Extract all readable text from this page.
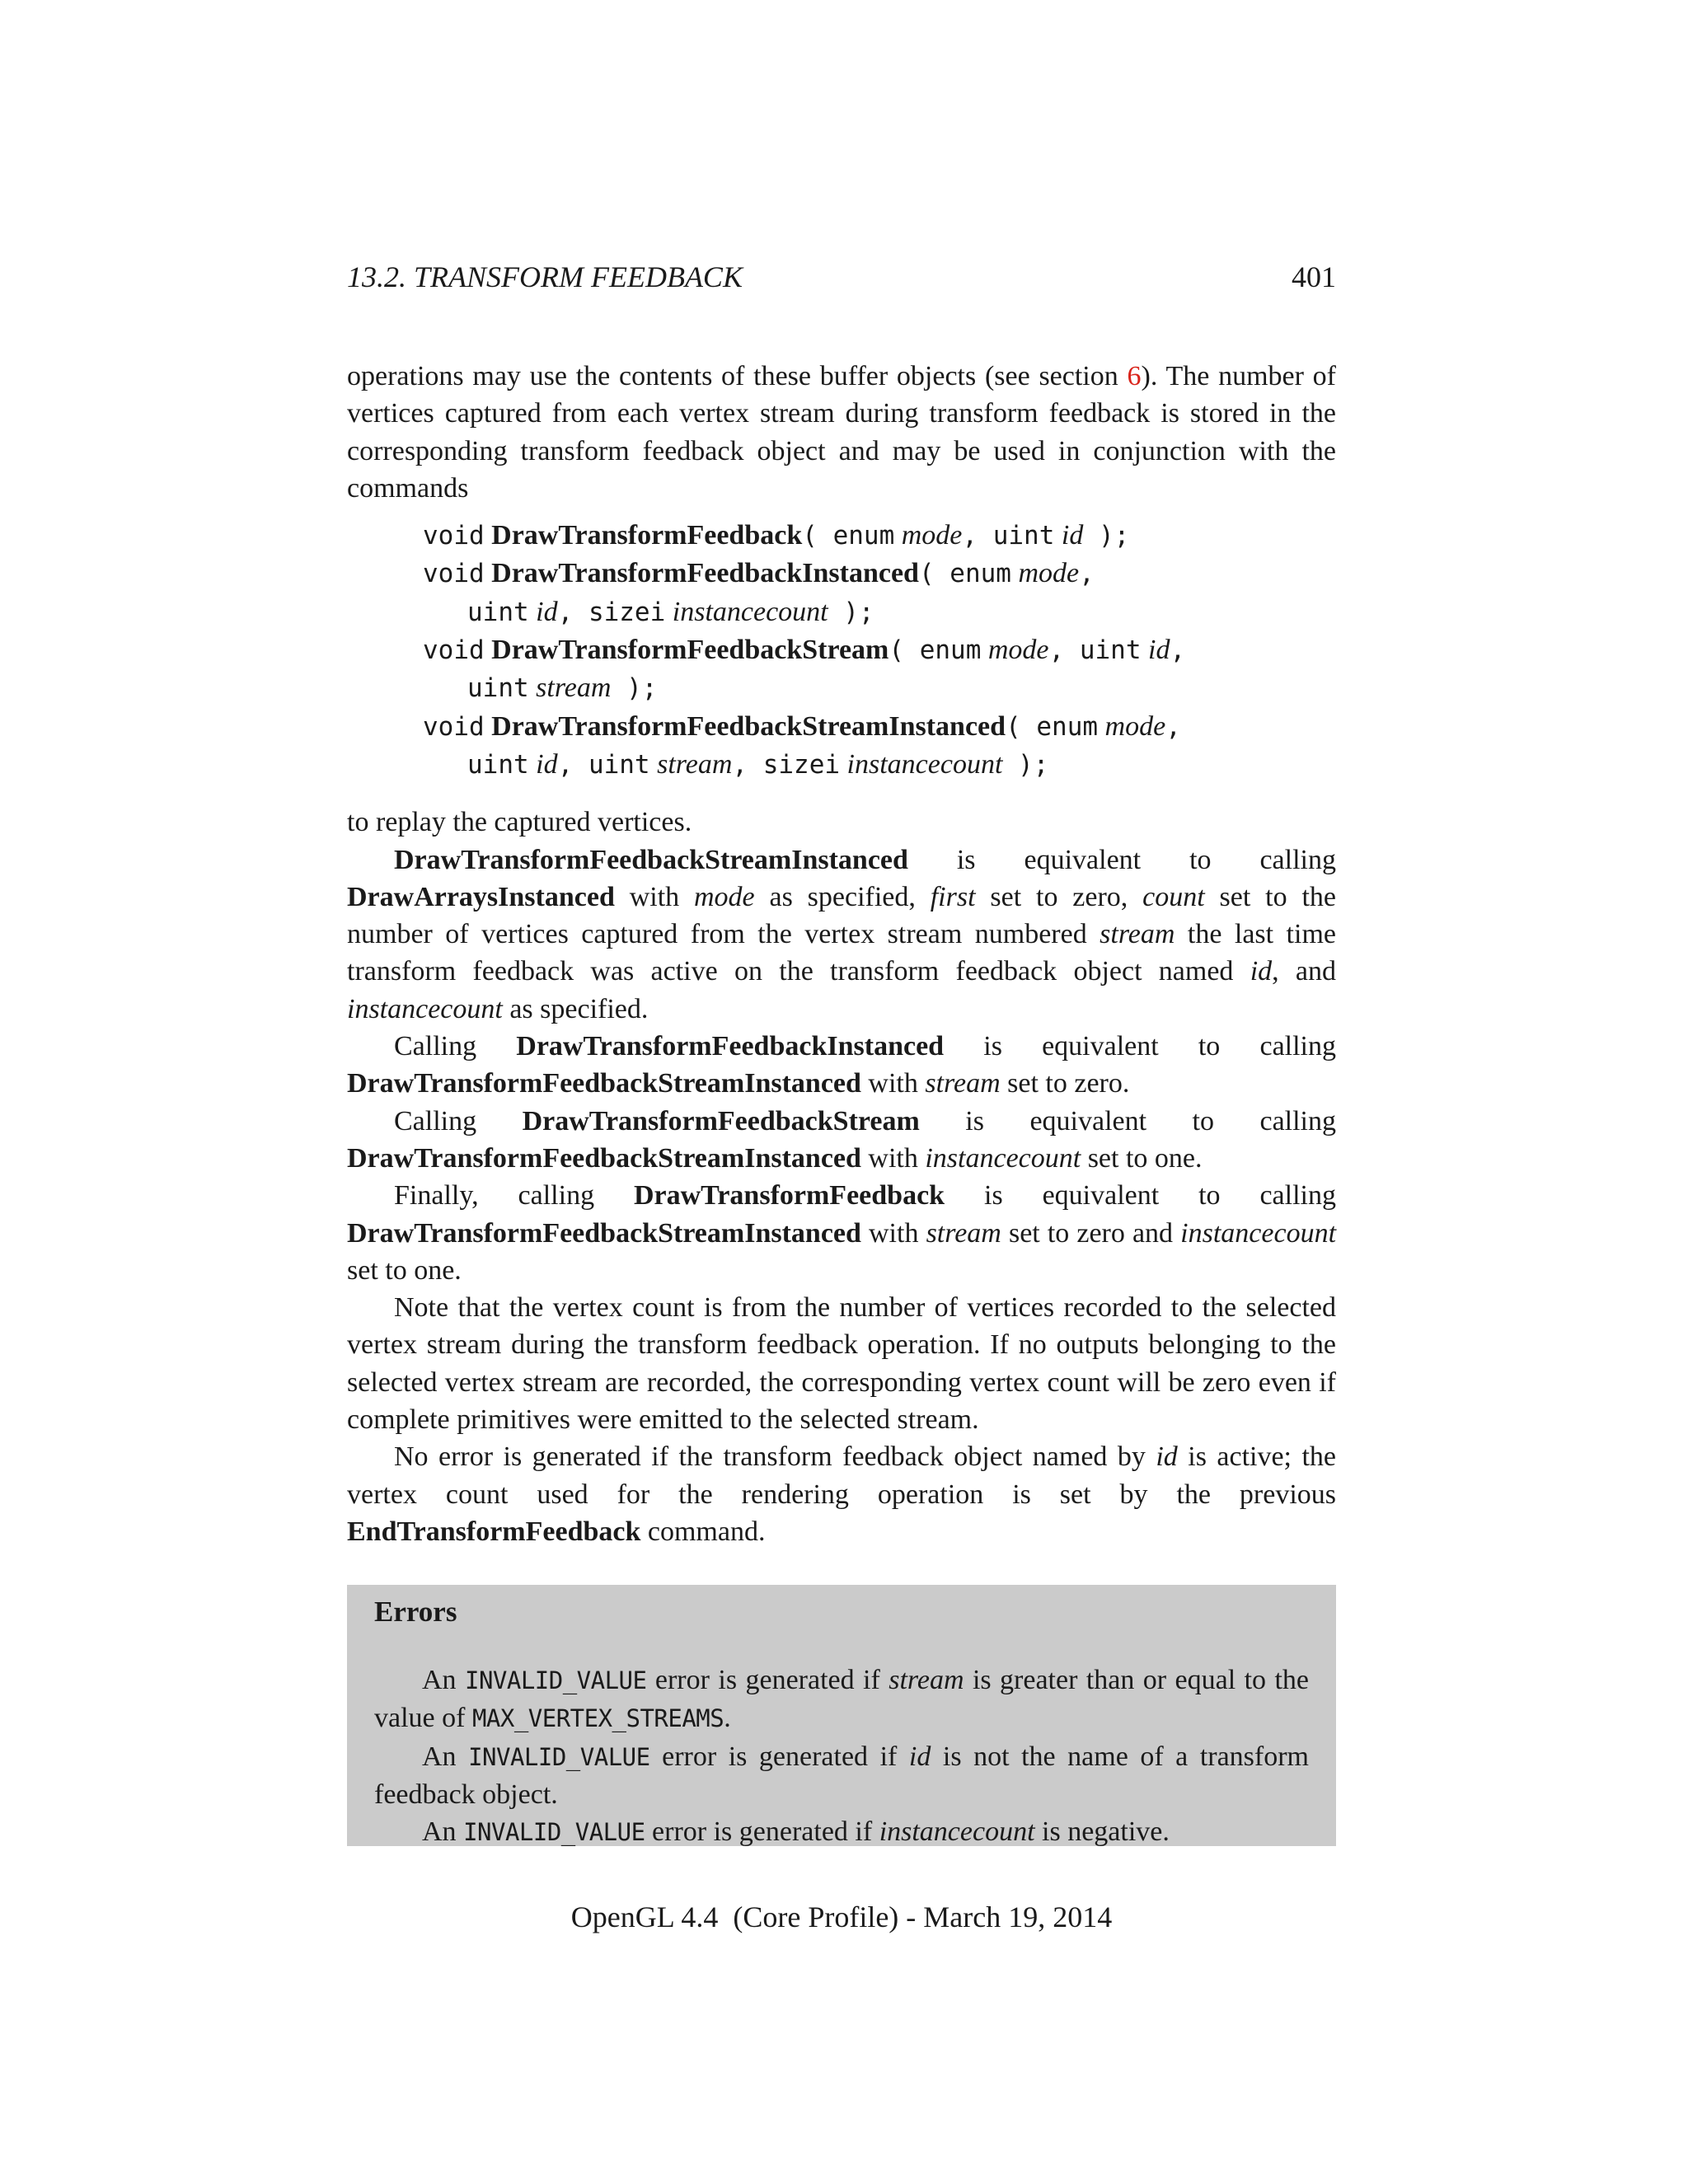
13.2. TRANSFORM FEEDBACK	401

operations may use the contents of these buffer objects (see section 6). The number of vertices captured from each vertex stream during transform feedback is stored in the corresponding transform feedback object and may be used in conjunction with the commands

void DrawTransformFeedback( enum mode, uint id );
void DrawTransformFeedbackInstanced( enum mode,
uint id, sizei instancecount );
void DrawTransformFeedbackStream( enum mode, uint id,
uint stream );
void DrawTransformFeedbackStreamInstanced( enum mode,
uint id, uint stream, sizei instancecount );

to replay the captured vertices.

DrawTransformFeedbackStreamInstanced is equivalent to calling DrawArraysInstanced with mode as specified, first set to zero, count set to the number of vertices captured from the vertex stream numbered stream the last time transform feedback was active on the transform feedback object named id, and instancecount as specified.

Calling DrawTransformFeedbackInstanced is equivalent to calling DrawTransformFeedbackStreamInstanced with stream set to zero.

Calling DrawTransformFeedbackStream is equivalent to calling DrawTransformFeedbackStreamInstanced with instancecount set to one.

Finally, calling DrawTransformFeedback is equivalent to calling DrawTransformFeedbackStreamInstanced with stream set to zero and instancecount set to one.

Note that the vertex count is from the number of vertices recorded to the selected vertex stream during the transform feedback operation. If no outputs belonging to the selected vertex stream are recorded, the corresponding vertex count will be zero even if complete primitives were emitted to the selected stream.

No error is generated if the transform feedback object named by id is active; the vertex count used for the rendering operation is set by the previous EndTransformFeedback command.

Errors

An INVALID_VALUE error is generated if stream is greater than or equal to the value of MAX_VERTEX_STREAMS.

An INVALID_VALUE error is generated if id is not the name of a transform feedback object.

An INVALID_VALUE error is generated if instancecount is negative.

OpenGL 4.4  (Core Profile) - March 19, 2014
